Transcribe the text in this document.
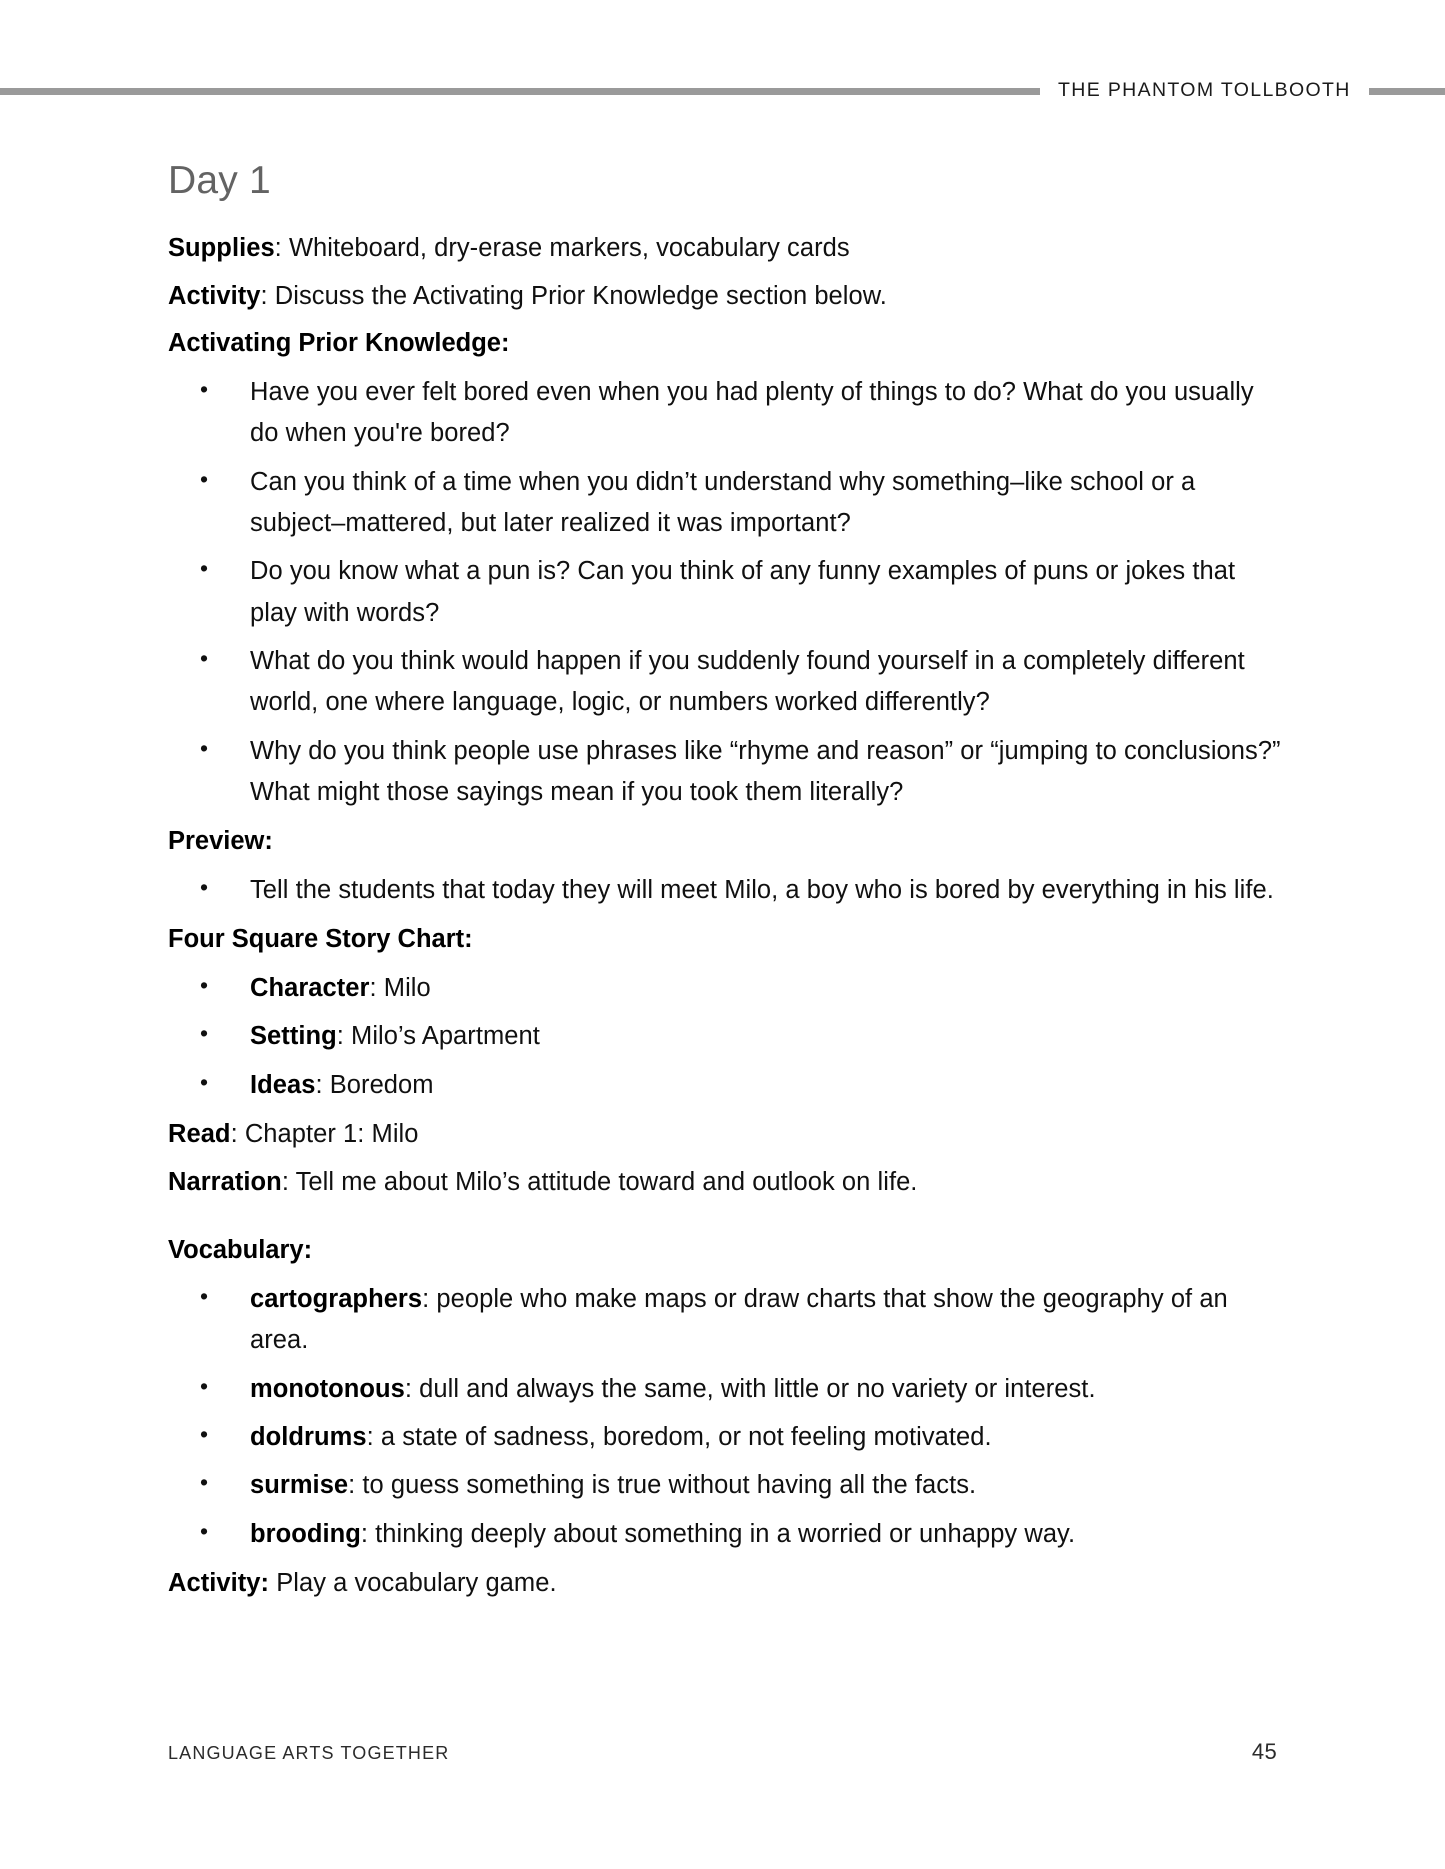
THE PHANTOM TOLLBOOTH
Day 1

Supplies: Whiteboard, dry-erase markers, vocabulary cards

Activity: Discuss the Activating Prior Knowledge section below.

Activating Prior Knowledge:

• Have you ever felt bored even when you had plenty of things to do? What do you usually do when you're bored?
• Can you think of a time when you didn’t understand why something–like school or a subject–mattered, but later realized it was important?
• Do you know what a pun is? Can you think of any funny examples of puns or jokes that play with words?
• What do you think would happen if you suddenly found yourself in a completely different world, one where language, logic, or numbers worked differently?
• Why do you think people use phrases like “rhyme and reason” or “jumping to conclusions?” What might those sayings mean if you took them literally?

Preview:

• Tell the students that today they will meet Milo, a boy who is bored by everything in his life.

Four Square Story Chart:

• Character: Milo
• Setting: Milo’s Apartment
• Ideas: Boredom

Read: Chapter 1: Milo

Narration: Tell me about Milo’s attitude toward and outlook on life.

Vocabulary:

• cartographers: people who make maps or draw charts that show the geography of an area.
• monotonous: dull and always the same, with little or no variety or interest.
• doldrums: a state of sadness, boredom, or not feeling motivated.
• surmise: to guess something is true without having all the facts.
• brooding: thinking deeply about something in a worried or unhappy way.

Activity: Play a vocabulary game.

LANGUAGE ARTS TOGETHER	45
